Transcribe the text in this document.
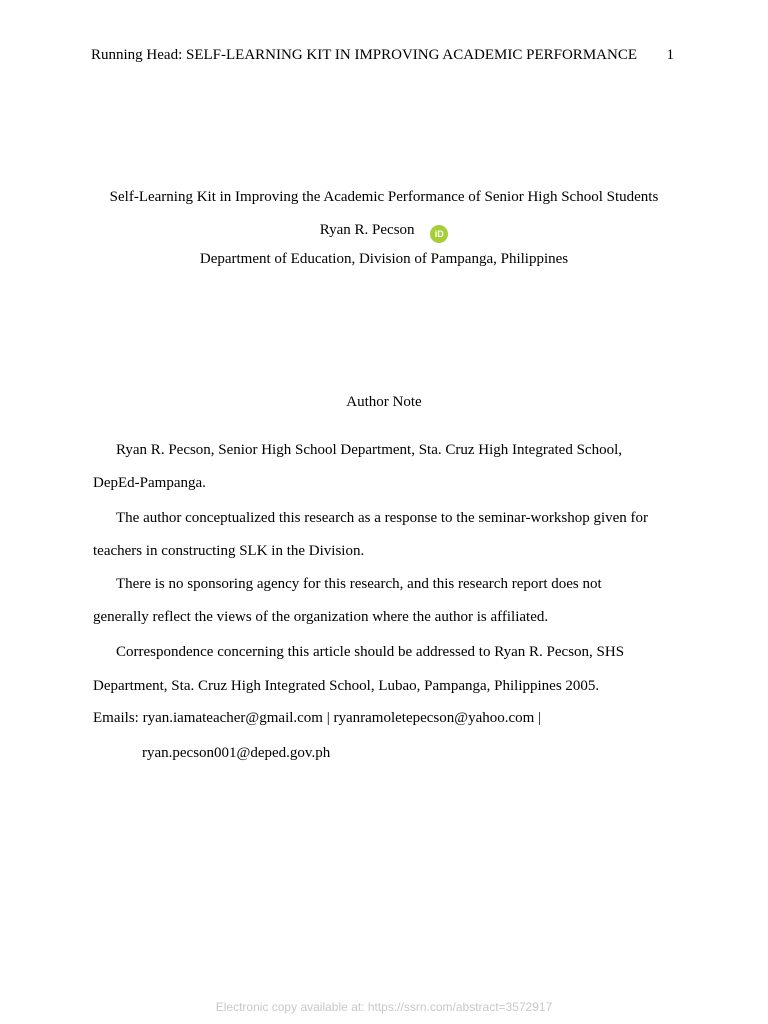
Running Head: SELF-LEARNING KIT IN IMPROVING ACADEMIC PERFORMANCE 1
Self-Learning Kit in Improving the Academic Performance of Senior High School Students
Ryan R. Pecson iD
Department of Education, Division of Pampanga, Philippines
Author Note
Ryan R. Pecson, Senior High School Department, Sta. Cruz High Integrated School,
DepEd-Pampanga.
The author conceptualized this research as a response to the seminar-workshop given for
teachers in constructing SLK in the Division.
There is no sponsoring agency for this research, and this research report does not
generally reflect the views of the organization where the author is affiliated.
Correspondence concerning this article should be addressed to Ryan R. Pecson, SHS
Department, Sta. Cruz High Integrated School, Lubao, Pampanga, Philippines 2005.
Emails: ryan.iamateacher@gmail.com | ryanramoletepecson@yahoo.com |
ryan.pecson001@deped.gov.ph
Electronic copy available at: https://ssrn.com/abstract=3572917
